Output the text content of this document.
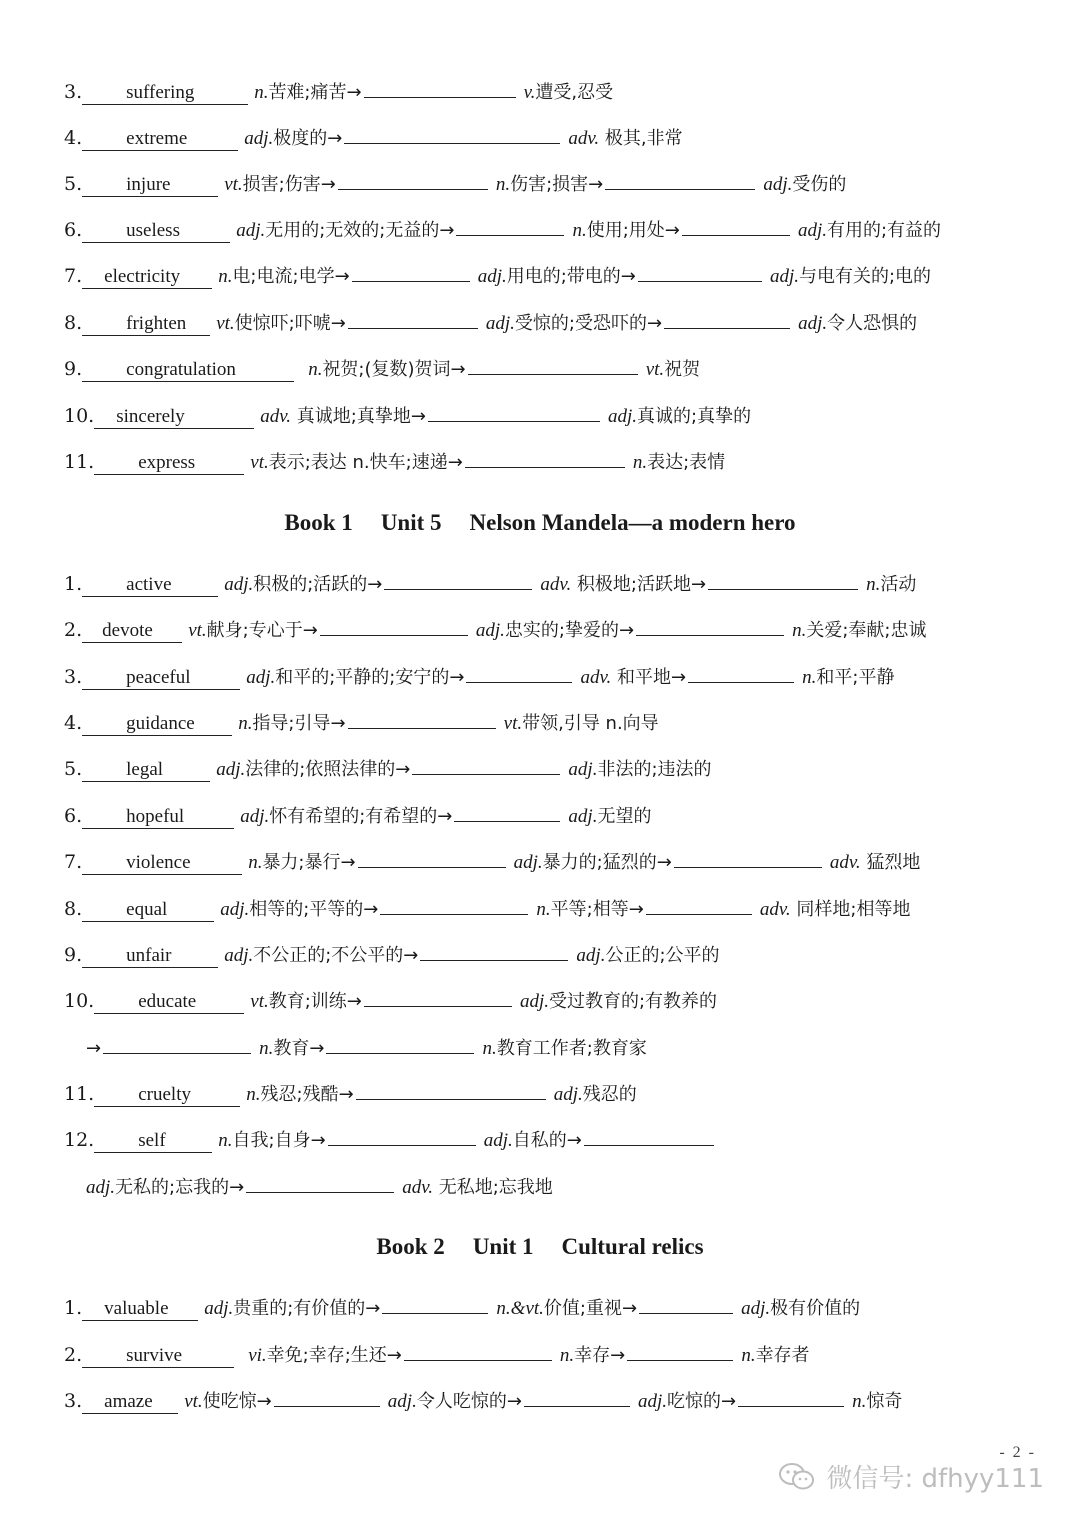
3. suffering	n.苦难;痛苦→	v.遭受,忍受
4. extreme	adj.极度的→	adv. 极其,非常
5. injure	vt.损害;伤害→	n.伤害;损害→	adj.受伤的
6. useless	adj.无用的;无效的;无益的→	n.使用;用处→	adj.有用的;有益的
7. electricity n.电;电流;电学→	adj.用电的;带电的→	adj.与电有关的;电的
8. frighten vt.使惊吓;吓唬→	adj.受惊的;受恐吓的→	adj.令人恐惧的
9. congratulation	n.祝贺;(复数)贺词→	vt.祝贺
10. sincerely	adv. 真诚地;真挚地→	adj.真诚的;真挚的
11. express	vt.表示;表达 n.快车;速递→	n.表达;表情
Book 1 Unit 5 Nelson Mandela—a modern hero
1. active	adj.积极的;活跃的→	adv. 积极地;活跃地→	n.活动
2. devote vt.献身;专心于→	adj.忠实的;挚爱的→	n.关爱;奉献;忠诚
3. peaceful	adj.和平的;平静的;安宁的→	adv. 和平地→	n.和平;平静
4. guidance n.指导;引导→	vt.带领,引导 n.向导
5. legal	adj.法律的;依照法律的→	adj.非法的;违法的
6. hopeful	adj.怀有希望的;有希望的→	adj.无望的
7. violence	n.暴力;暴行→	adj.暴力的;猛烈的→	adv. 猛烈地
8. equal	adj.相等的;平等的→	n.平等;相等→	adv. 同样地;相等地
9. unfair	adj.不公正的;不公平的→	adj.公正的;公平的
10. educate	vt.教育;训练→	adj.受过教育的;有教养的
→	n.教育→	n.教育工作者;教育家
11. cruelty	n.残忍;残酷→	adj.残忍的
12. self	n.自我;自身→	adj.自私的→
adj.无私的;忘我的→	adv. 无私地;忘我地
Book 2 Unit 1 Cultural relics
1. valuable adj.贵重的;有价值的→	n.&vt.价值;重视→	adj.极有价值的
2. survive	vi.幸免;幸存;生还→	n.幸存→	n.幸存者
3. amaze vt.使吃惊→	adj.令人吃惊的→	adj.吃惊的→	n.惊奇
- 2 -
微信号: dfhyy111
